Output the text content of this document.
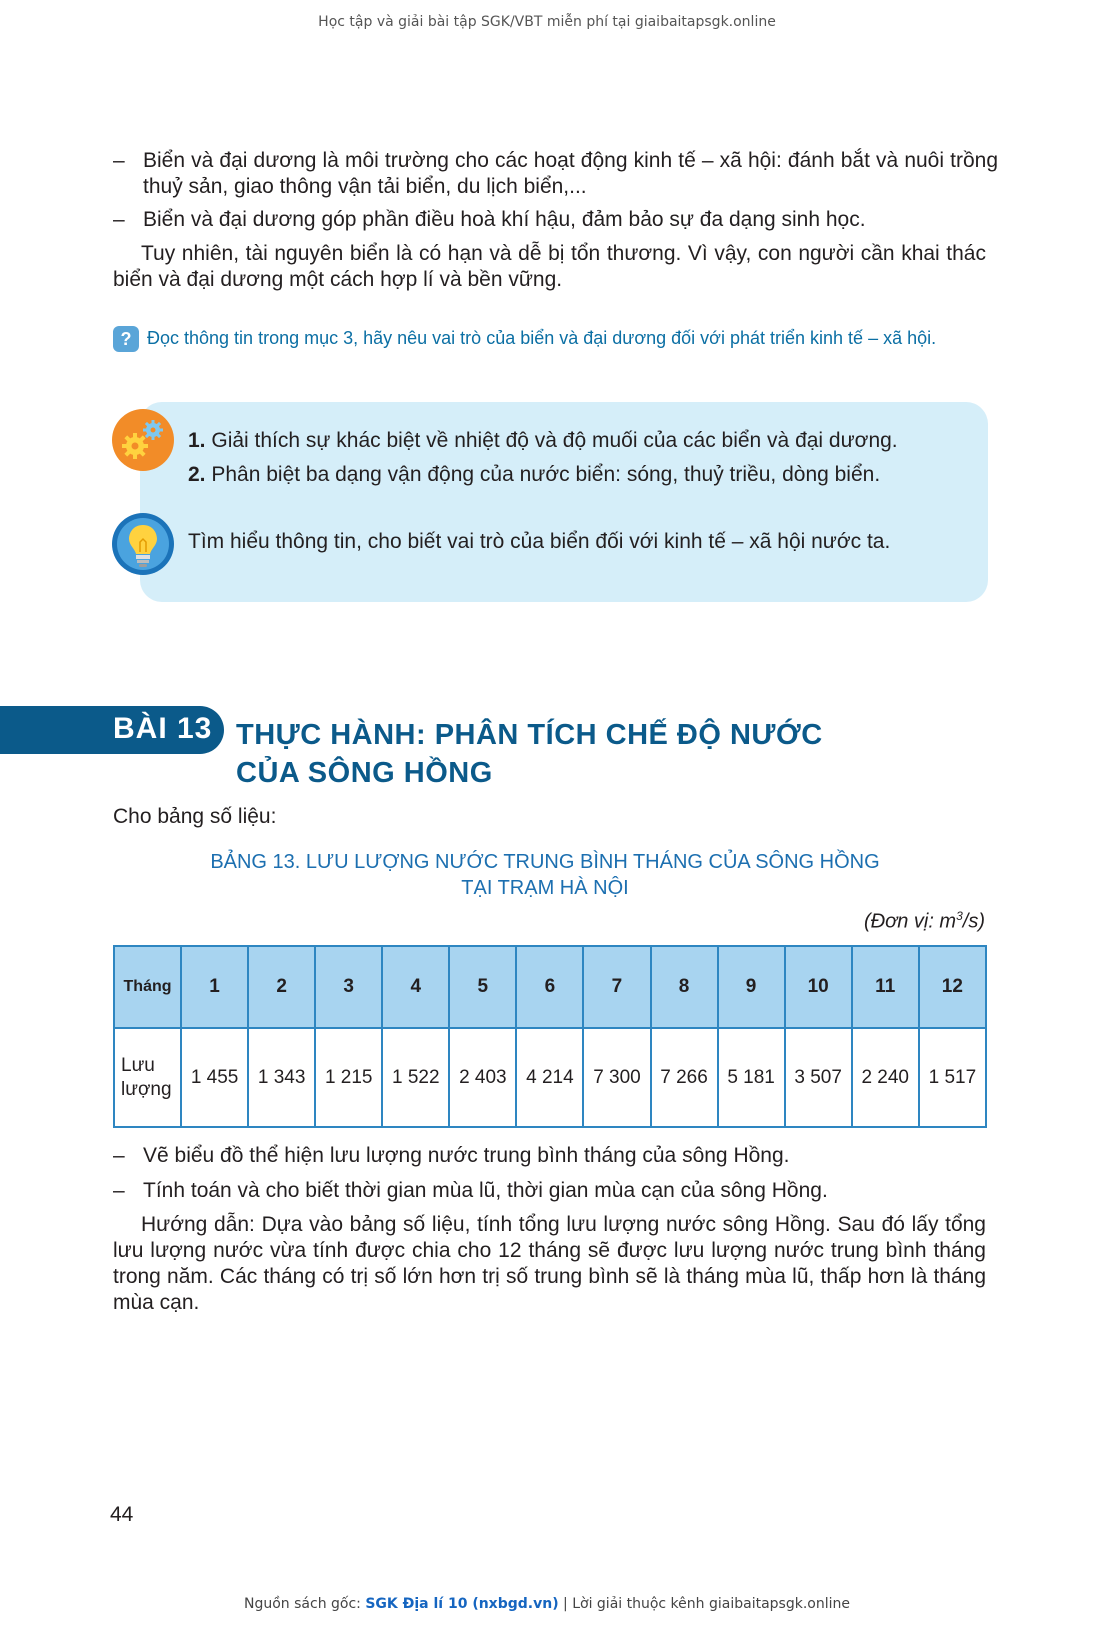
Học tập và giải bài tập SGK/VBT miễn phí tại giaibaitapsgk.online
– Biển và đại dương là môi trường cho các hoạt động kinh tế – xã hội: đánh bắt và nuôi trồng thuỷ sản, giao thông vận tải biển, du lịch biển,...
– Biển và đại dương góp phần điều hoà khí hậu, đảm bảo sự đa dạng sinh học.
Tuy nhiên, tài nguyên biển là có hạn và dễ bị tổn thương. Vì vậy, con người cần khai thác biển và đại dương một cách hợp lí và bền vững.
? Đọc thông tin trong mục 3, hãy nêu vai trò của biển và đại dương đối với phát triển kinh tế – xã hội.
1. Giải thích sự khác biệt về nhiệt độ và độ muối của các biển và đại dương.
2. Phân biệt ba dạng vận động của nước biển: sóng, thuỷ triều, dòng biển.
Tìm hiểu thông tin, cho biết vai trò của biển đối với kinh tế – xã hội nước ta.
BÀI 13 THỰC HÀNH: PHÂN TÍCH CHẾ ĐỘ NƯỚC
CỦA SÔNG HỒNG
Cho bảng số liệu:
BẢNG 13. LƯU LƯỢNG NƯỚC TRUNG BÌNH THÁNG CỦA SÔNG HỒNG
TẠI TRẠM HÀ NỘI
(Đơn vị: $m^3/s$)
Tháng	1	2	3	4	5	6	7	8	9	10	11	12
Lưu lượng	1 455	1 343	1 215	1 522	2 403	4 214	7 300	7 266	5 181	3 507	2 240	1 517
– Vẽ biểu đồ thể hiện lưu lượng nước trung bình tháng của sông Hồng.
– Tính toán và cho biết thời gian mùa lũ, thời gian mùa cạn của sông Hồng.
Hướng dẫn: Dựa vào bảng số liệu, tính tổng lưu lượng nước sông Hồng. Sau đó lấy tổng lưu lượng nước vừa tính được chia cho 12 tháng sẽ được lưu lượng nước trung bình tháng trong năm. Các tháng có trị số lớn hơn trị số trung bình sẽ là tháng mùa lũ, thấp hơn là tháng mùa cạn.
44
Nguồn sách gốc: SGK Địa lí 10 (nxbgd.vn) | Lời giải thuộc kênh giaibaitapsgk.online
